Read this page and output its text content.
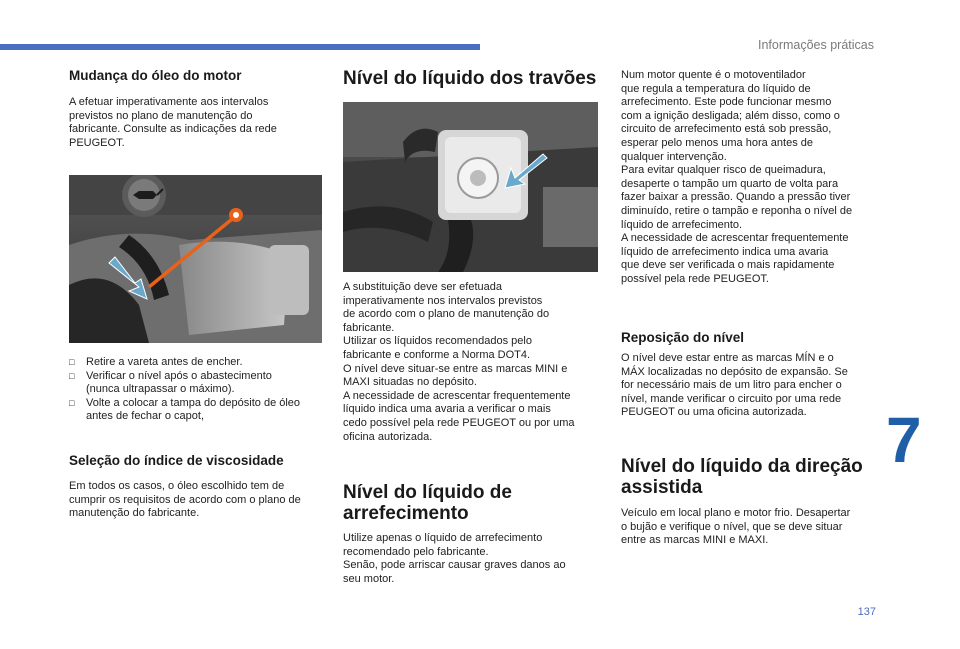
Informações práticas
137
7
Mudança do óleo do motor
A efetuar imperativamente aos intervalos
previstos no plano de manutenção do
fabricante. Consulte as indicações da rede
PEUGEOT.
□ Retire a vareta antes de encher.
□ Verificar o nível após o abastecimento
(nunca ultrapassar o máximo).
□ Volte a colocar a tampa do depósito de óleo
antes de fechar o capot,
Seleção do índice de viscosidade
Em todos os casos, o óleo escolhido tem de
cumprir os requisitos de acordo com o plano de
manutenção do fabricante.
Nível do líquido dos travões
A substituição deve ser efetuada
imperativamente nos intervalos previstos
de acordo com o plano de manutenção do
fabricante.
Utilizar os líquidos recomendados pelo
fabricante e conforme a Norma DOT4.
O nível deve situar-se entre as marcas MINI e
MAXI situadas no depósito.
A necessidade de acrescentar frequentemente
líquido indica uma avaria a verificar o mais
cedo possível pela rede PEUGEOT ou por uma
oficina autorizada.
Nível do líquido de
arrefecimento
Utilize apenas o líquido de arrefecimento
recomendado pelo fabricante.
Senão, pode arriscar causar graves danos ao
seu motor.
Num motor quente é o motoventilador
que regula a temperatura do líquido de
arrefecimento. Este pode funcionar mesmo
com a ignição desligada; além disso, como o
circuito de arrefecimento está sob pressão,
esperar pelo menos uma hora antes de
qualquer intervenção.
Para evitar qualquer risco de queimadura,
desaperte o tampão um quarto de volta para
fazer baixar a pressão. Quando a pressão tiver
diminuído, retire o tampão e reponha o nível de
líquido de arrefecimento.
A necessidade de acrescentar frequentemente
líquido de arrefecimento indica uma avaria
que deve ser verificada o mais rapidamente
possível pela rede PEUGEOT.
Reposição do nível
O nível deve estar entre as marcas MÍN e o
MÁX localizadas no depósito de expansão. Se
for necessário mais de um litro para encher o
nível, mande verificar o circuito por uma rede
PEUGEOT ou uma oficina autorizada.
Nível do líquido da direção
assistida
Veículo em local plano e motor frio. Desapertar
o bujão e verifique o nível, que se deve situar
entre as marcas MINI e MAXI.
